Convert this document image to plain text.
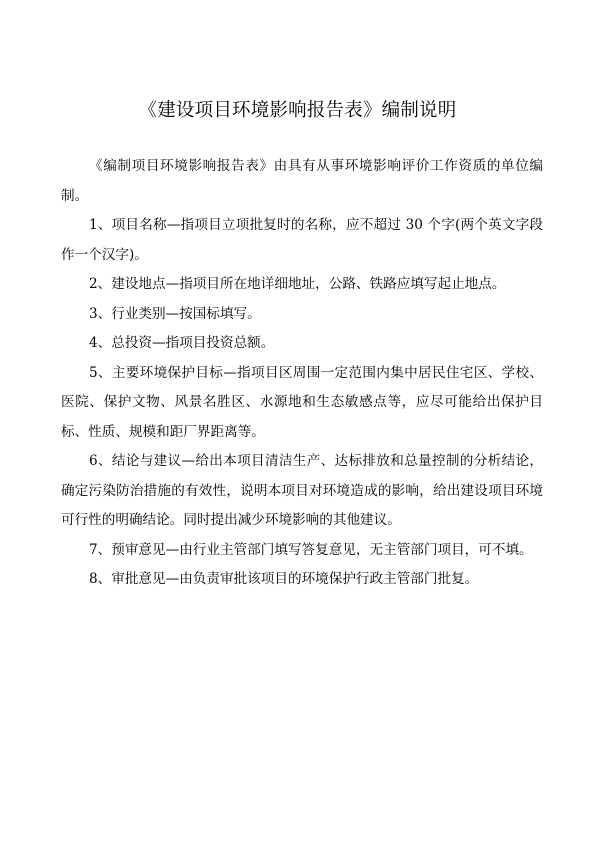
《建设项目环境影响报告表》编制说明

《编制项目环境影响报告表》由具有从事环境影响评价工作资质的单位编制。

1、项目名称—指项目立项批复时的名称，应不超过 30 个字(两个英文字段作一个汉字)。

2、建设地点—指项目所在地详细地址，公路、铁路应填写起止地点。

3、行业类别—按国标填写。

4、总投资—指项目投资总额。

5、主要环境保护目标—指项目区周围一定范围内集中居民住宅区、学校、医院、保护文物、风景名胜区、水源地和生态敏感点等，应尽可能给出保护目标、性质、规模和距厂界距离等。

6、结论与建议—给出本项目清洁生产、达标排放和总量控制的分析结论，确定污染防治措施的有效性，说明本项目对环境造成的影响，给出建设项目环境可行性的明确结论。同时提出减少环境影响的其他建议。

7、预审意见—由行业主管部门填写答复意见，无主管部门项目，可不填。

8、审批意见—由负责审批该项目的环境保护行政主管部门批复。
